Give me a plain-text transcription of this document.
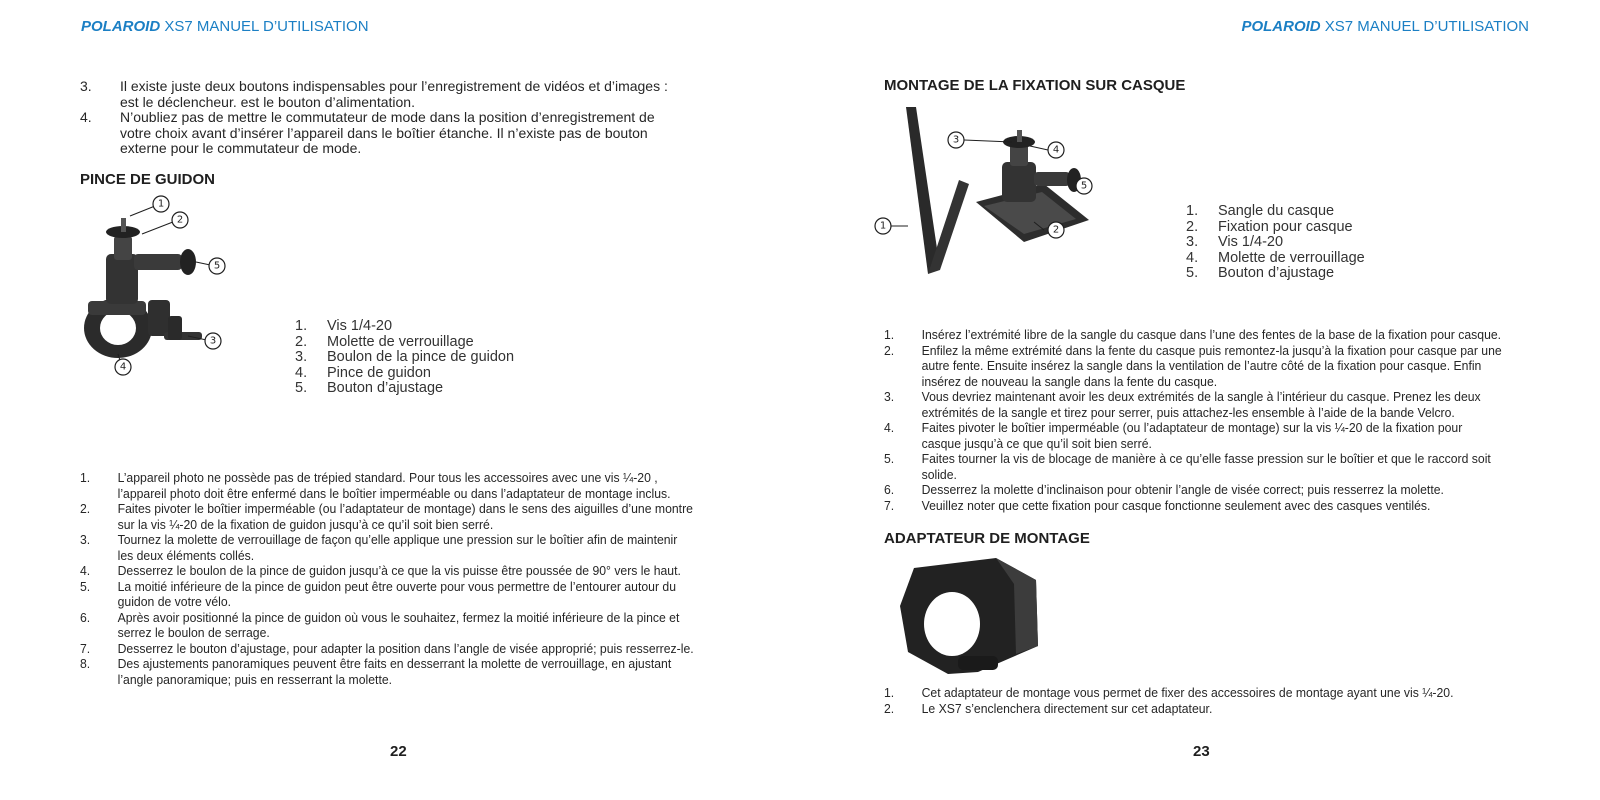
POLAROID XS7 MANUEL D’UTILISATION
3. Il existe juste deux boutons indispensables pour l’enregistrement de vidéos et d’images :
est le déclencheur. est le bouton d’alimentation.
4. N’oubliez pas de mettre le commutateur de mode dans la position d’enregistrement de
votre choix avant d’insérer l’appareil dans le boîtier étanche. Il n’existe pas de bouton
externe pour le commutateur de mode.
PINCE DE GUIDON
1
2
5
3
4
1. Vis 1/4-20
2. Molette de verrouillage
3. Boulon de la pince de guidon
4. Pince de guidon
5. Bouton d’ajustage
1. L’appareil photo ne possède pas de trépied standard. Pour tous les accessoires avec une vis ¼-20 ,
l’appareil photo doit être enfermé dans le boîtier imperméable ou dans l’adaptateur de montage inclus.
2. Faites pivoter le boîtier imperméable (ou l’adaptateur de montage) dans le sens des aiguilles d’une montre
sur la vis ¼-20 de la fixation de guidon jusqu’à ce qu’il soit bien serré.
3. Tournez la molette de verrouillage de façon qu’elle applique une pression sur le boîtier afin de maintenir
les deux éléments collés.
4. Desserrez le boulon de la pince de guidon jusqu’à ce que la vis puisse être poussée de 90° vers le haut.
5. La moitié inférieure de la pince de guidon peut être ouverte pour vous permettre de l’entourer autour du
guidon de votre vélo.
6. Après avoir positionné la pince de guidon où vous le souhaitez, fermez la moitié inférieure de la pince et
serrez le boulon de serrage.
7. Desserrez le bouton d’ajustage, pour adapter la position dans l’angle de visée approprié; puis resserrez-le.
8. Des ajustements panoramiques peuvent être faits en desserrant la molette de verrouillage, en ajustant
l’angle panoramique; puis en resserrant la molette.
22
POLAROID XS7 MANUEL D’UTILISATION
MONTAGE DE LA FIXATION SUR CASQUE
3
4
5
2
1
1. Sangle du casque
2. Fixation pour casque
3. Vis 1/4-20
4. Molette de verrouillage
5. Bouton d’ajustage
1. Insérez l’extrémité libre de la sangle du casque dans l’une des fentes de la base de la fixation pour casque.
2. Enfilez la même extrémité dans la fente du casque puis remontez-la jusqu’à la fixation pour casque par une
autre fente. Ensuite insérez la sangle dans la ventilation de l’autre côté de la fixation pour casque. Enfin
insérez de nouveau la sangle dans la fente du casque.
3. Vous devriez maintenant avoir les deux extrémités de la sangle à l’intérieur du casque. Prenez les deux
extrémités de la sangle et tirez pour serrer, puis attachez-les ensemble à l’aide de la bande Velcro.
4. Faites pivoter le boîtier imperméable (ou l’adaptateur de montage) sur la vis ¼-20 de la fixation pour
casque jusqu’à ce que qu’il soit bien serré.
5. Faites tourner la vis de blocage de manière à ce qu’elle fasse pression sur le boîtier et que le raccord soit
solide.
6. Desserrez la molette d’inclinaison pour obtenir l’angle de visée correct; puis resserrez la molette.
7. Veuillez noter que cette fixation pour casque fonctionne seulement avec des casques ventilés.
ADAPTATEUR DE MONTAGE
1. Cet adaptateur de montage vous permet de fixer des accessoires de montage ayant une vis ¼-20.
2. Le XS7 s’enclenchera directement sur cet adaptateur.
23
